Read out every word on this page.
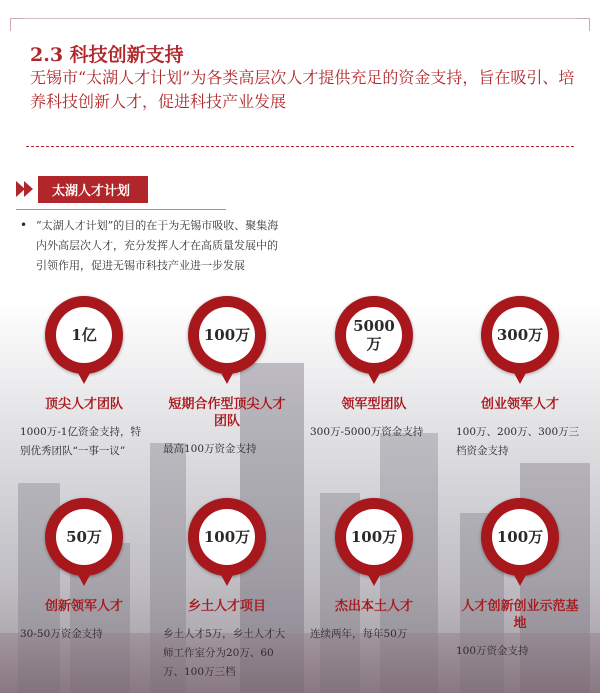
2.3 科技创新支持
无锡市“太湖人才计划”为各类高层次人才提供充足的资金支持，旨在吸引、培养科技创新人才，促进科技产业发展
太湖人才计划
• “太湖人才计划”的目的在于为无锡市吸收、聚集海内外高层次人才，充分发挥人才在高质量发展中的引领作用，促进无锡市科技产业进一步发展
1亿
顶尖人才团队
1000万-1亿资金支持，特别优秀团队“一事一议”
100万
短期合作型顶尖人才团队
最高100万资金支持
5000万
领军型团队
300万-5000万资金支持
300万
创业领军人才
100万、200万、300万三档资金支持
50万
创新领军人才
30-50万资金支持
100万
乡土人才项目
乡土人才5万，乡土人才大师工作室分为20万、60万、100万三档
100万
杰出本土人才
连续两年，每年50万
100万
人才创新创业示范基地
100万资金支持
